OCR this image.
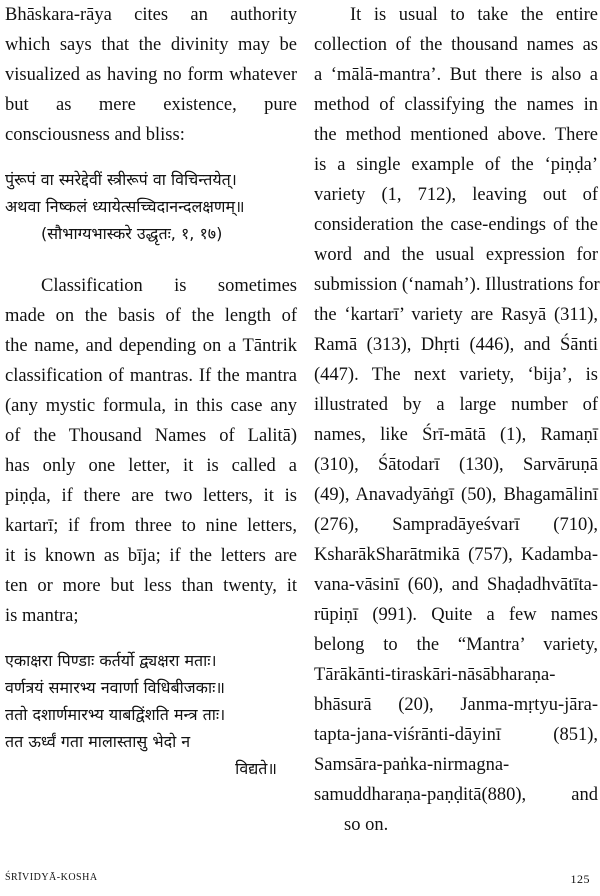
Bhāskara-rāya cites an authority
which says that the divinity may be
visualized as having no form whatever
but as mere existence, pure
consciousness and bliss:
पुंरूपं वा स्मरेद्देवीं स्त्रीरूपं वा विचिन्तयेत्।
अथवा निष्कलं ध्यायेत्सच्चिदानन्दलक्षणम्॥
(सौभाग्यभास्करे उद्धृतः, १, १७)
Classification is sometimes
made on the basis of the length of
the name, and depending on a Tāntrik
classification of mantras. If the mantra
(any mystic formula, in this case any
of the Thousand Names of Lalitā)
has only one letter, it is called a
piṇḍa, if there are two letters, it is
kartarī; if from three to nine letters,
it is known as bīja; if the letters are
ten or more but less than twenty, it
is mantra;
एकाक्षरा पिण्डाः कर्तर्यो द्व्यक्षरा मताः।
वर्णत्रयं समारभ्य नवार्णा विधिबीजकाः॥
ततो दशार्णमारभ्य याबद्विंशति मन्त्र ताः।
तत ऊर्ध्वं गता मालास्तासु भेदो न
विद्यते॥
It is usual to take the entire
collection of the thousand names as
a ‘mālā-mantra’. But there is also a
method of classifying the names in
the method mentioned above. There
is a single example of the ‘piṇḍa’
variety (1, 712), leaving out of
consideration the case-endings of the
word and the usual expression for
submission (‘namah’). Illustrations for
the ‘kartarī’ variety are Rasyā (311),
Ramā (313), Dhṛti (446), and Śānti
(447). The next variety, ‘bija’, is
illustrated by a large number of
names, like Śrī-mātā (1), Ramaṇī
(310), Śātodarī (130), Sarvāruṇā
(49), Anavadyāṅgī (50), Bhagamālinī
(276), Sampradāyeśvarī (710),
KsharākSharātmikā (757), Kadamba-
vana-vāsinī (60), and Shaḍadhvātīta-
rūpiṇī (991). Quite a few names
belong to the “Mantra’ variety,
Tārākānti-tiraskāri-nāsābharaṇa-
bhāsurā (20), Janma-mṛtyu-jāra-
tapta-jana-viśrānti-dāyinī (851),
Samsāra-paṅka-nirmagna-
samuddharaṇa-paṇḍitā(880), and
so on.
ŚRĪVIDYĀ-KOSHA	125
